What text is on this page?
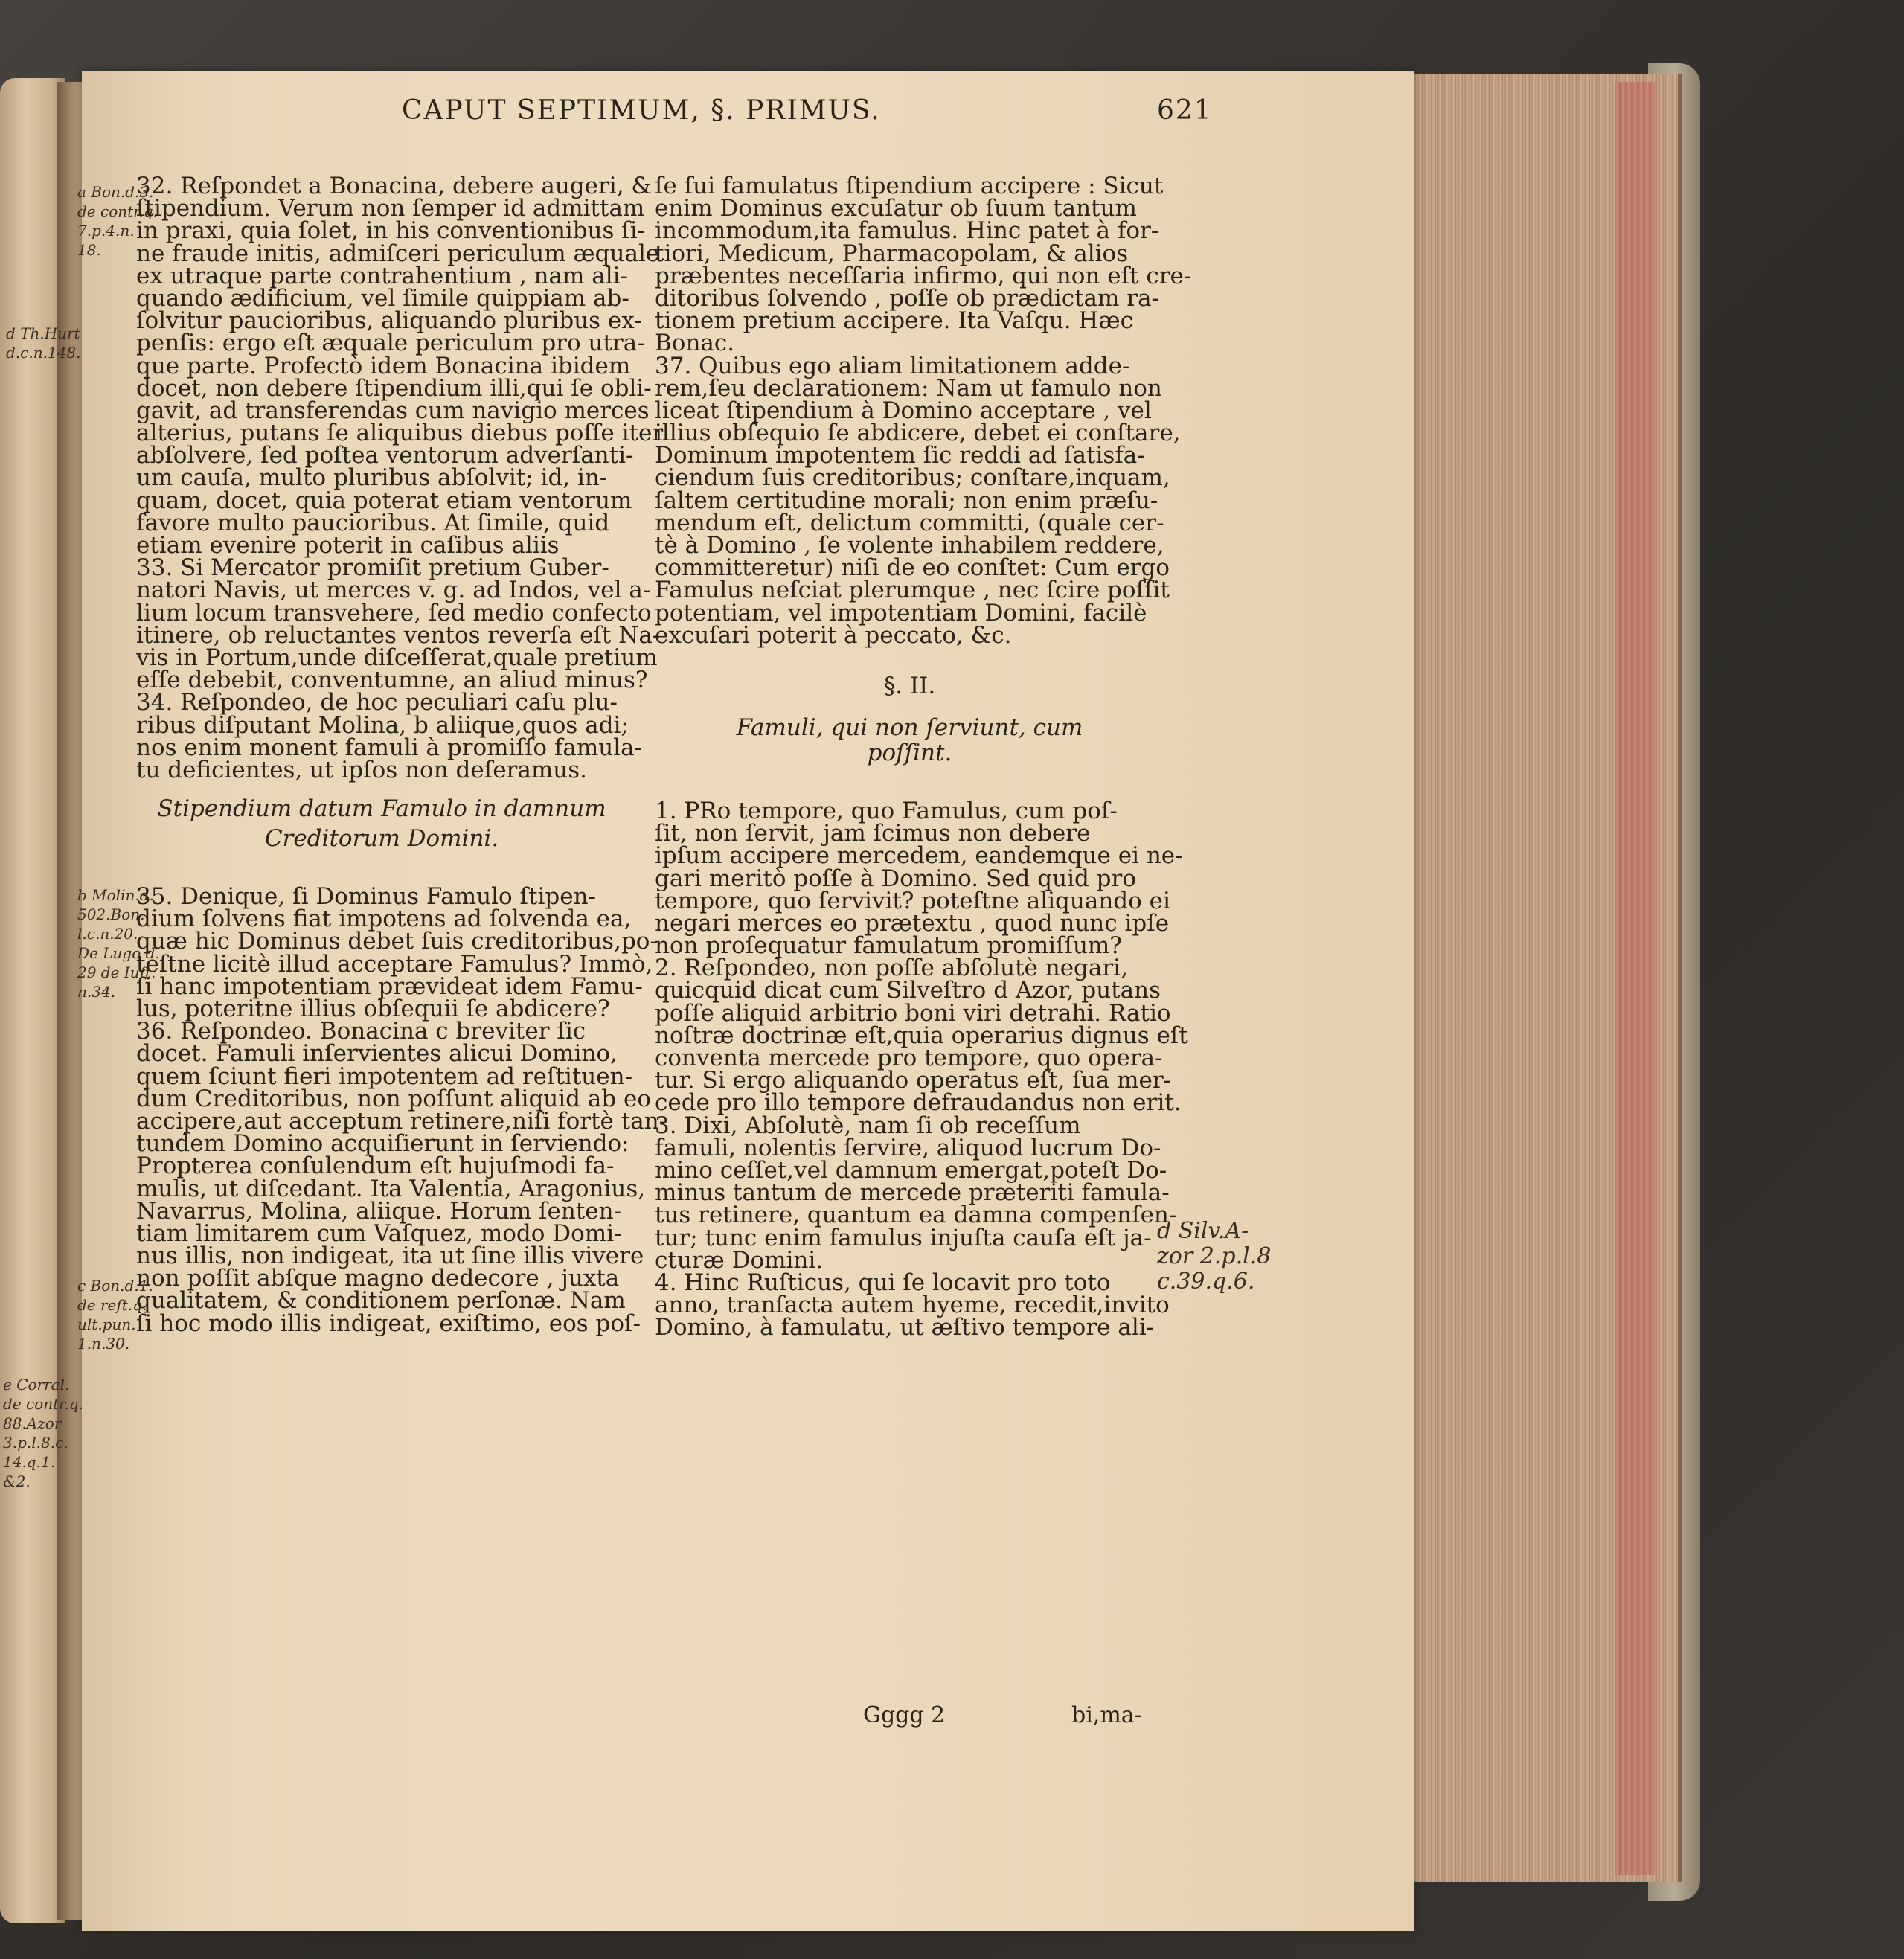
d Th.Hurt
d.c.n.148.
e Corral.
de contr.q.
88.Azor
3.p.l.8.c.
14.q.1.
&2.
CAPUT SEPTIMUM, §. PRIMUS.	621
a Bon.d.3.
de contr.q.
7.p.4.n.
18.
b Molin.d.
502.Bon.
l.c.n.20.
De Lugo d.
29 de Iuſt.
n.34.
c Bon.d.1.
de reſt.q.
ult.pun.
1.n.30.
32. Reſpondet a Bonacina, debere augeri, &
ſtipendium. Verum non ſemper id admittam
in praxi, quia ſolet, in his conventionibus ſi-
ne fraude initis, admiſceri periculum æquale
ex utraque parte contrahentium , nam ali-
quando ædificium, vel ſimile quippiam ab-
ſolvitur paucioribus, aliquando pluribus ex-
penſis: ergo eſt æquale periculum pro utra-
que parte. Profectò idem Bonacina ibidem
docet, non debere ſtipendium illi,qui ſe obli-
gavit, ad transferendas cum navigio merces
alterius, putans ſe aliquibus diebus poſſe iter
abſolvere, ſed poſtea ventorum adverſanti-
um cauſa, multo pluribus abſolvit; id, in-
quam, docet, quia poterat etiam ventorum
favore multo paucioribus. At ſimile, quid
etiam evenire poterit in caſibus aliis
33. Si Mercator promiſit pretium Guber-
natori Navis, ut merces v. g. ad Indos, vel a-
lium locum transvehere, ſed medio confecto
itinere, ob reluctantes ventos reverſa eſt Na-
vis in Portum,unde diſceſſerat,quale pretium
eſſe debebit, conventumne, an aliud minus?
34. Reſpondeo, de hoc peculiari caſu plu-
ribus diſputant Molina, b aliique,quos adi;
nos enim monent famuli à promiſſo famula-
tu deficientes, ut ipſos non deſeramus.
Stipendium datum Famulo in damnum
Creditorum Domini.
35. Denique, ſi Dominus Famulo ſtipen-
dium ſolvens fiat impotens ad ſolvenda ea,
quæ hic Dominus debet ſuis creditoribus,po-
teſtne licitè illud acceptare Famulus? Immò,
ſi hanc impotentiam prævideat idem Famu-
lus, poteritne illius obſequii ſe abdicere?
36. Reſpondeo. Bonacina c breviter ſic
docet. Famuli inſervientes alicui Domino,
quem ſciunt fieri impotentem ad reſtituen-
dum Creditoribus, non poſſunt aliquid ab eo
accipere,aut acceptum retinere,niſi fortè tan-
tundem Domino acquiſierunt in ſerviendo:
Propterea conſulendum eſt hujuſmodi fa-
mulis, ut diſcedant. Ita Valentia, Aragonius,
Navarrus, Molina, aliique. Horum ſenten-
tiam limitarem cum Vaſquez, modo Domi-
nus illis, non indigeat, ita ut ſine illis vivere
non poſſit abſque magno dedecore , juxta
qualitatem, & conditionem perſonæ. Nam
ſi hoc modo illis indigeat, exiſtimo, eos poſ-
ſe ſui famulatus ſtipendium accipere : Sicut
enim Dominus excuſatur ob ſuum tantum
incommodum,ita famulus. Hinc patet à for-
tiori, Medicum, Pharmacopolam, & alios
præbentes neceſſaria infirmo, qui non eſt cre-
ditoribus ſolvendo , poſſe ob prædictam ra-
tionem pretium accipere. Ita Vaſqu. Hæc
Bonac.
37. Quibus ego aliam limitationem adde-
rem,ſeu declarationem: Nam ut famulo non
liceat ſtipendium à Domino acceptare , vel
illius obſequio ſe abdicere, debet ei conſtare,
Dominum impotentem ſic reddi ad ſatisfa-
ciendum ſuis creditoribus; conſtare,inquam,
ſaltem certitudine morali; non enim præſu-
mendum eſt, delictum committi, (quale cer-
tè à Domino , ſe volente inhabilem reddere,
committeretur) niſi de eo conſtet: Cum ergo
Famulus neſciat plerumque , nec ſcire poſſit
potentiam, vel impotentiam Domini, facilè
excuſari poterit à peccato, &c.
§. II.
Famuli, qui non ſerviunt, cum
poſſint.
1. PRo tempore, quo Famulus, cum poſ-
ſit, non ſervit, jam ſcimus non debere
ipſum accipere mercedem, eandemque ei ne-
gari meritò poſſe à Domino. Sed quid pro
tempore, quo ſervivit? poteſtne aliquando ei
negari merces eo prætextu , quod nunc ipſe
non proſequatur famulatum promiſſum?
2. Reſpondeo, non poſſe abſolutè negari,
quicquid dicat cum Silveſtro d Azor, putans
poſſe aliquid arbitrio boni viri detrahi. Ratio
noſtræ doctrinæ eſt,quia operarius dignus eſt
conventa mercede pro tempore, quo opera-
tur. Si ergo aliquando operatus eſt, ſua mer-
cede pro illo tempore defraudandus non erit.
3. Dixi, Abſolutè, nam ſi ob receſſum
famuli, nolentis ſervire, aliquod lucrum Do-
mino ceſſet,vel damnum emergat,poteſt Do-
minus tantum de mercede præteriti famula-
tus retinere, quantum ea damna compenſen-
tur; tunc enim famulus injuſta cauſa eſt ja-
cturæ Domini.
4. Hinc Ruſticus, qui ſe locavit pro toto
anno, tranſacta autem hyeme, recedit,invito
Domino, à famulatu, ut æſtivo tempore ali-
d Silv.A-
zor 2.p.l.8
c.39.q.6.
Gggg 2	bi,ma-
